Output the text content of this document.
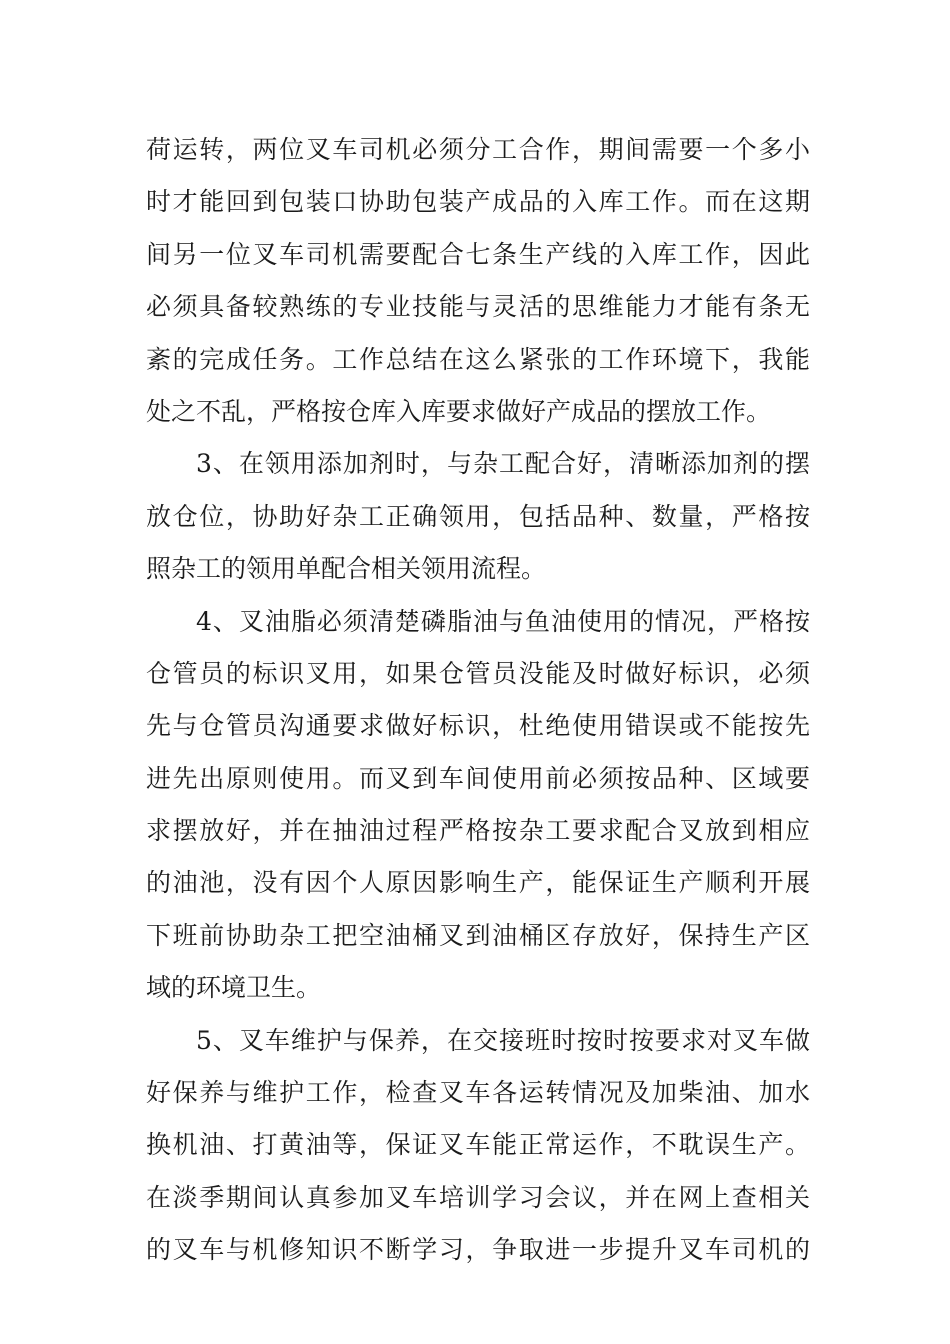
荷运转，两位叉车司机必须分工合作，期间需要一个多小
时才能回到包装口协助包装产成品的入库工作。而在这期
间另一位叉车司机需要配合七条生产线的入库工作，因此
必须具备较熟练的专业技能与灵活的思维能力才能有条无
紊的完成任务。工作总结在这么紧张的工作环境下，我能
处之不乱，严格按仓库入库要求做好产成品的摆放工作。
3、在领用添加剂时，与杂工配合好，清晰添加剂的摆
放仓位，协助好杂工正确领用，包括品种、数量，严格按
照杂工的领用单配合相关领用流程。
4、叉油脂必须清楚磷脂油与鱼油使用的情况，严格按
仓管员的标识叉用，如果仓管员没能及时做好标识，必须
先与仓管员沟通要求做好标识，杜绝使用错误或不能按先
进先出原则使用。而叉到车间使用前必须按品种、区域要
求摆放好，并在抽油过程严格按杂工要求配合叉放到相应
的油池，没有因个人原因影响生产，能保证生产顺利开展
下班前协助杂工把空油桶叉到油桶区存放好，保持生产区
域的环境卫生。
5、叉车维护与保养，在交接班时按时按要求对叉车做
好保养与维护工作，检查叉车各运转情况及加柴油、加水
换机油、打黄油等，保证叉车能正常运作，不耽误生产。
在淡季期间认真参加叉车培训学习会议，并在网上查相关
的叉车与机修知识不断学习，争取进一步提升叉车司机的
